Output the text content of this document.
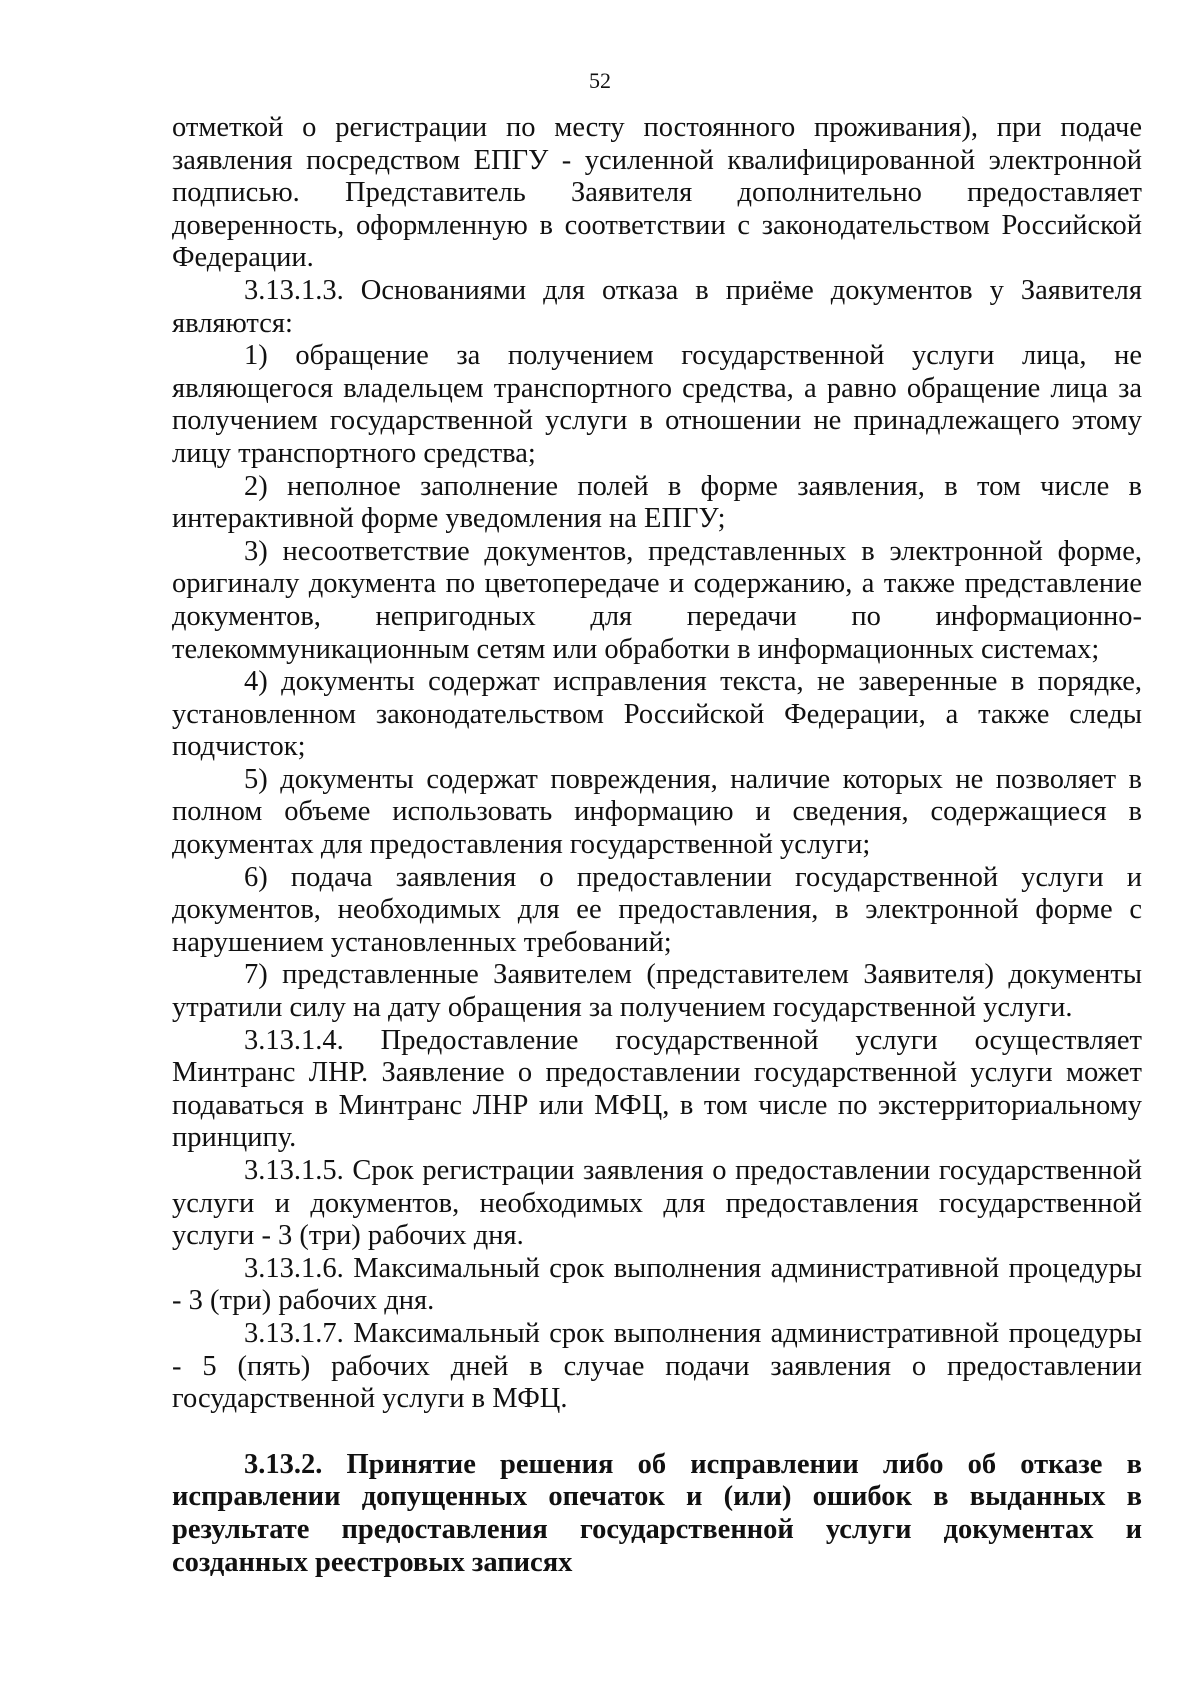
52

отметкой о регистрации по месту постоянного проживания), при подаче заявления посредством ЕПГУ - усиленной квалифицированной электронной подписью. Представитель Заявителя дополнительно предоставляет доверенность, оформленную в соответствии с законодательством Российской Федерации.

3.13.1.3. Основаниями для отказа в приёме документов у Заявителя являются:

1) обращение за получением государственной услуги лица, не являющегося владельцем транспортного средства, а равно обращение лица за получением государственной услуги в отношении не принадлежащего этому лицу транспортного средства;

2) неполное заполнение полей в форме заявления, в том числе в интерактивной форме уведомления на ЕПГУ;

3) несоответствие документов, представленных в электронной форме, оригиналу документа по цветопередаче и содержанию, а также представление документов, непригодных для передачи по информационно-телекоммуникационным сетям или обработки в информационных системах;

4) документы содержат исправления текста, не заверенные в порядке, установленном законодательством Российской Федерации, а также следы подчисток;

5) документы содержат повреждения, наличие которых не позволяет в полном объеме использовать информацию и сведения, содержащиеся в документах для предоставления государственной услуги;

6) подача заявления о предоставлении государственной услуги и документов, необходимых для ее предоставления, в электронной форме с нарушением установленных требований;

7) представленные Заявителем (представителем Заявителя) документы утратили силу на дату обращения за получением государственной услуги.

3.13.1.4. Предоставление государственной услуги осуществляет Минтранс ЛНР. Заявление о предоставлении государственной услуги может подаваться в Минтранс ЛНР или МФЦ, в том числе по экстерриториальному принципу.

3.13.1.5. Срок регистрации заявления о предоставлении государственной услуги и документов, необходимых для предоставления государственной услуги - 3 (три) рабочих дня.

3.13.1.6. Максимальный срок выполнения административной процедуры - 3 (три) рабочих дня.

3.13.1.7. Максимальный срок выполнения административной процедуры - 5 (пять) рабочих дней в случае подачи заявления о предоставлении государственной услуги в МФЦ.

3.13.2. Принятие решения об исправлении либо об отказе в исправлении допущенных опечаток и (или) ошибок в выданных в результате предоставления государственной услуги документах и созданных реестровых записях
